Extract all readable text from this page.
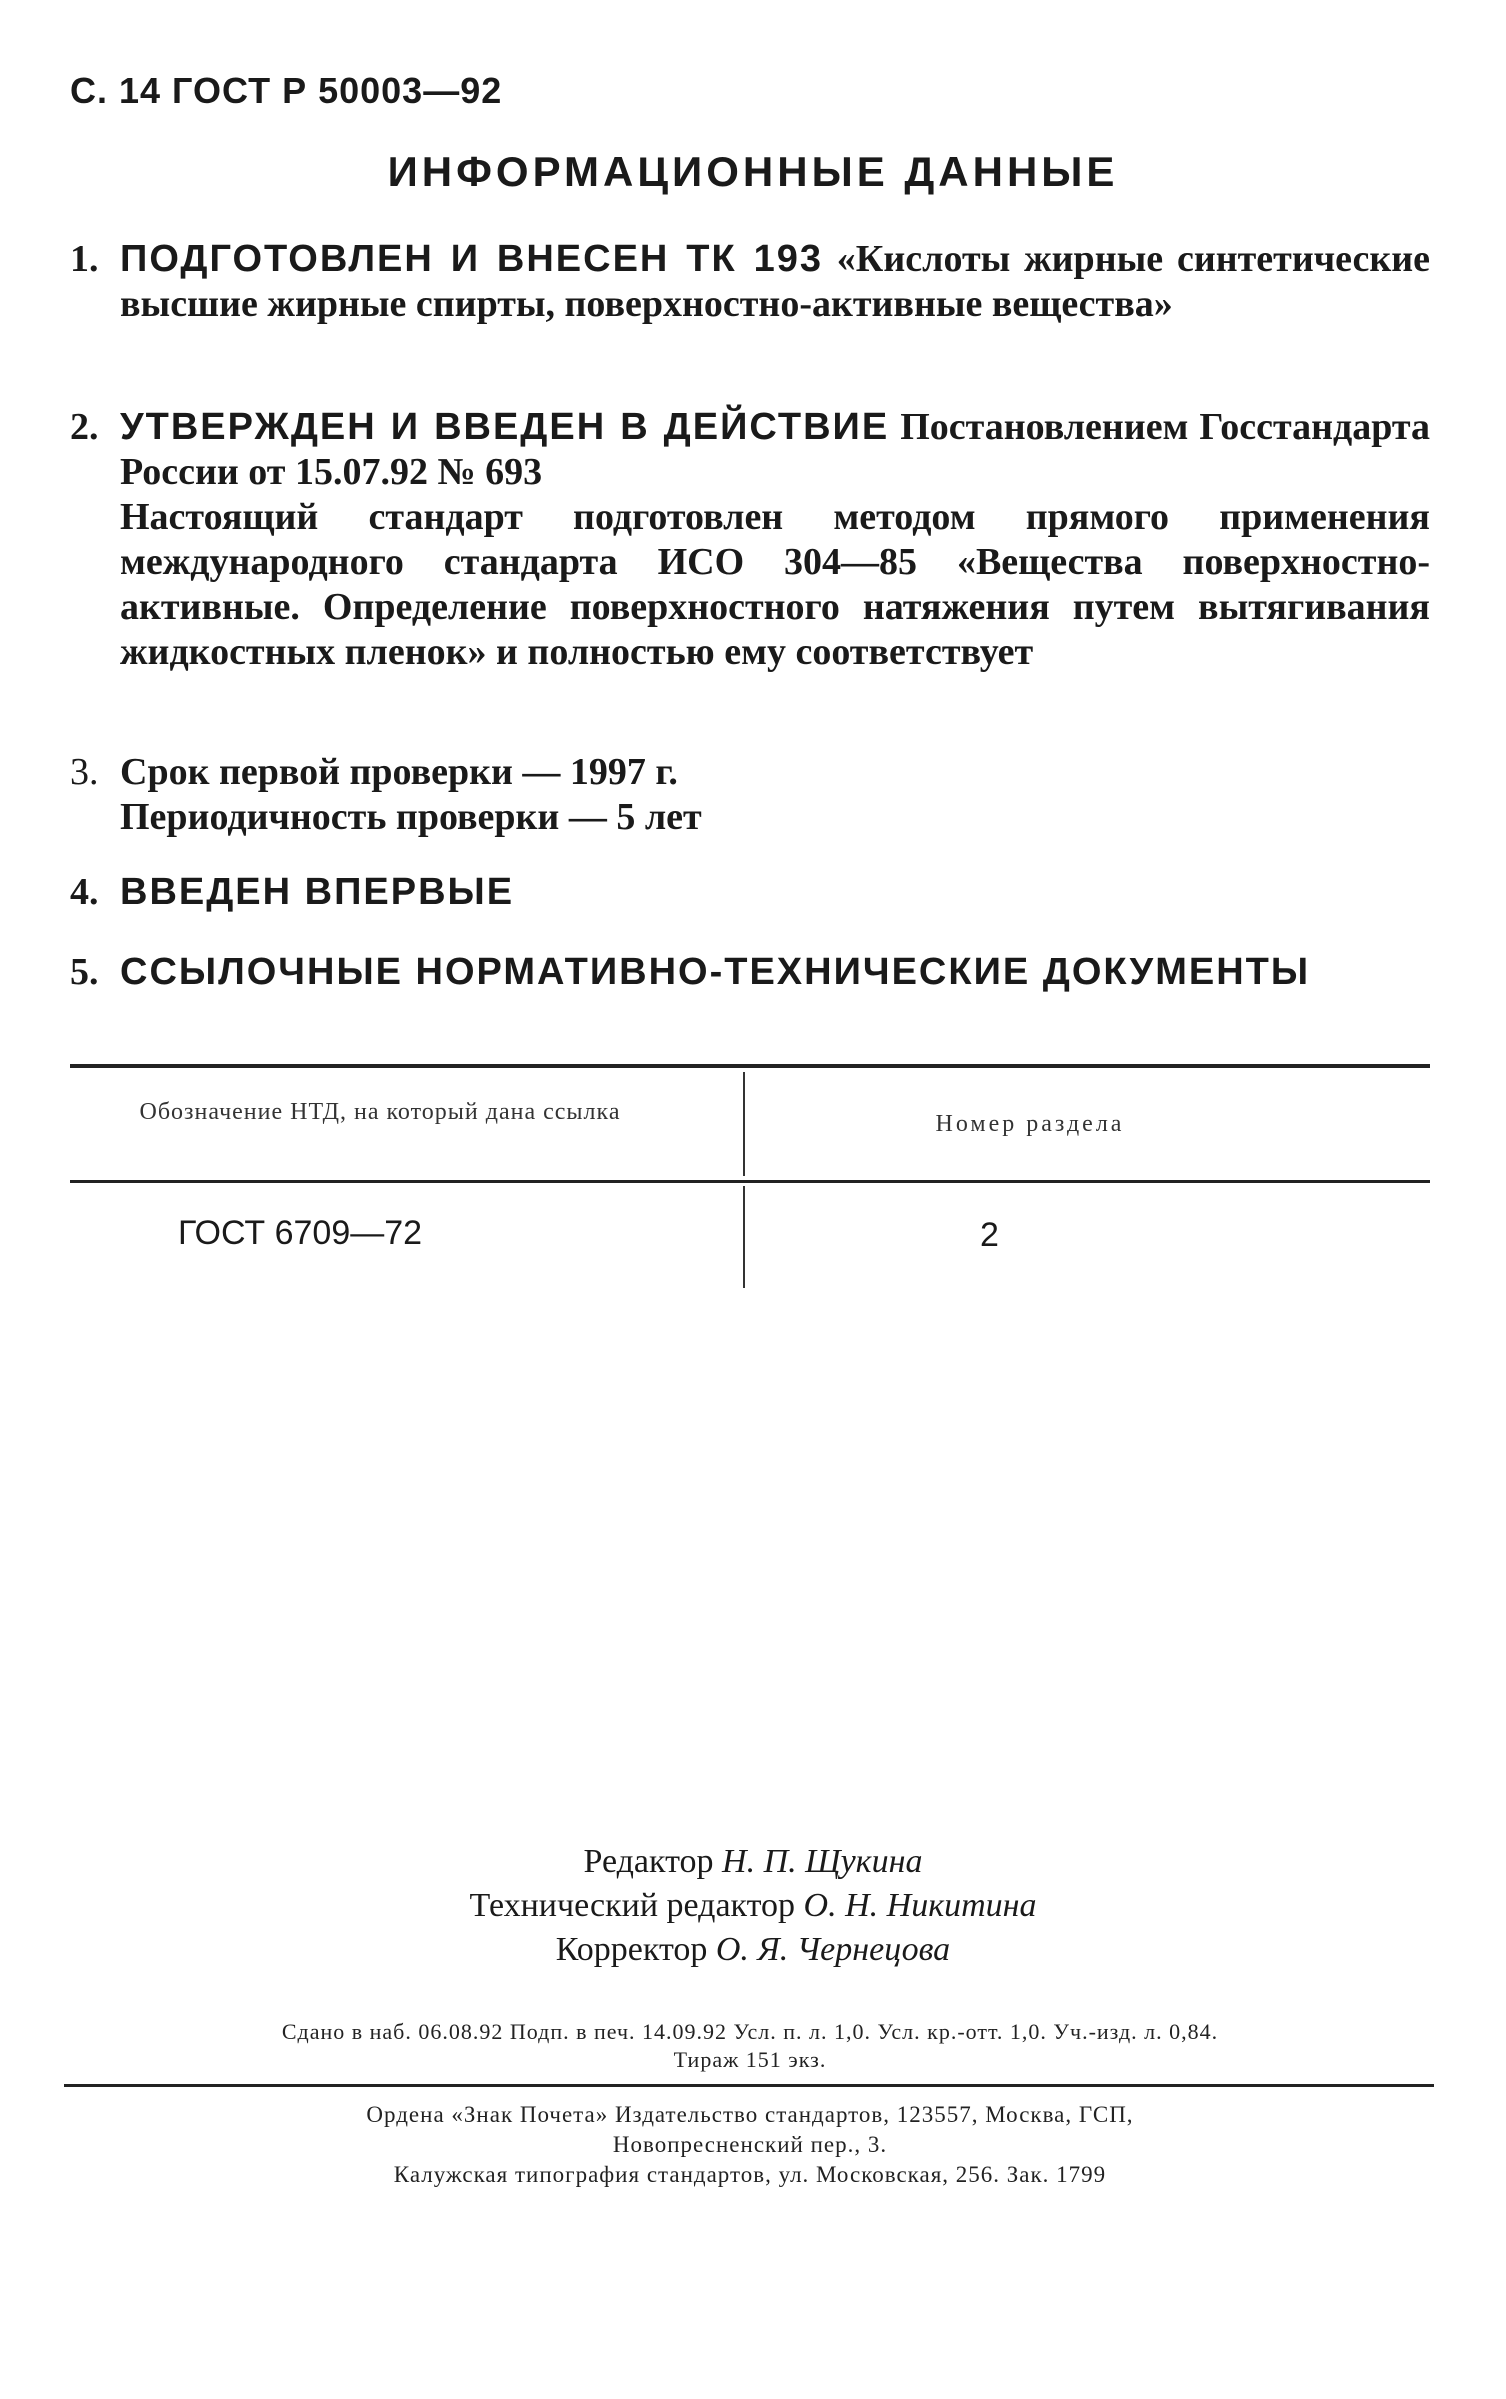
С. 14 ГОСТ Р 50003—92
ИНФОРМАЦИОННЫЕ ДАННЫЕ
1. ПОДГОТОВЛЕН И ВНЕСЕН ТК 193 «Кислоты жирные синтетические высшие жирные спирты, поверхностно-активные вещества»
2. УТВЕРЖДЕН И ВВЕДЕН В ДЕЙСТВИЕ Постановлением Госстандарта России от 15.07.92 № 693
Настоящий стандарт подготовлен методом прямого применения международного стандарта ИСО 304—85 «Вещества поверхностно-активные. Определение поверхностного натяжения путем вытягивания жидкостных пленок» и полностью ему соответствует
3. Срок первой проверки — 1997 г.
Периодичность проверки — 5 лет
4. ВВЕДЕН ВПЕРВЫЕ
5. ССЫЛОЧНЫЕ НОРМАТИВНО-ТЕХНИЧЕСКИЕ ДОКУМЕНТЫ
Обозначение НТД, на который дана ссылка	Номер раздела
ГОСТ 6709—72	2
Редактор Н. П. Щукина
Технический редактор О. Н. Никитина
Корректор О. Я. Чернецова
Сдано в наб. 06.08.92 Подп. в печ. 14.09.92 Усл. п. л. 1,0. Усл. кр.-отт. 1,0. Уч.-изд. л. 0,84.
Тираж 151 экз.
Ордена «Знак Почета» Издательство стандартов, 123557, Москва, ГСП,
Новопресненский пер., 3.
Калужская типография стандартов, ул. Московская, 256. Зак. 1799
